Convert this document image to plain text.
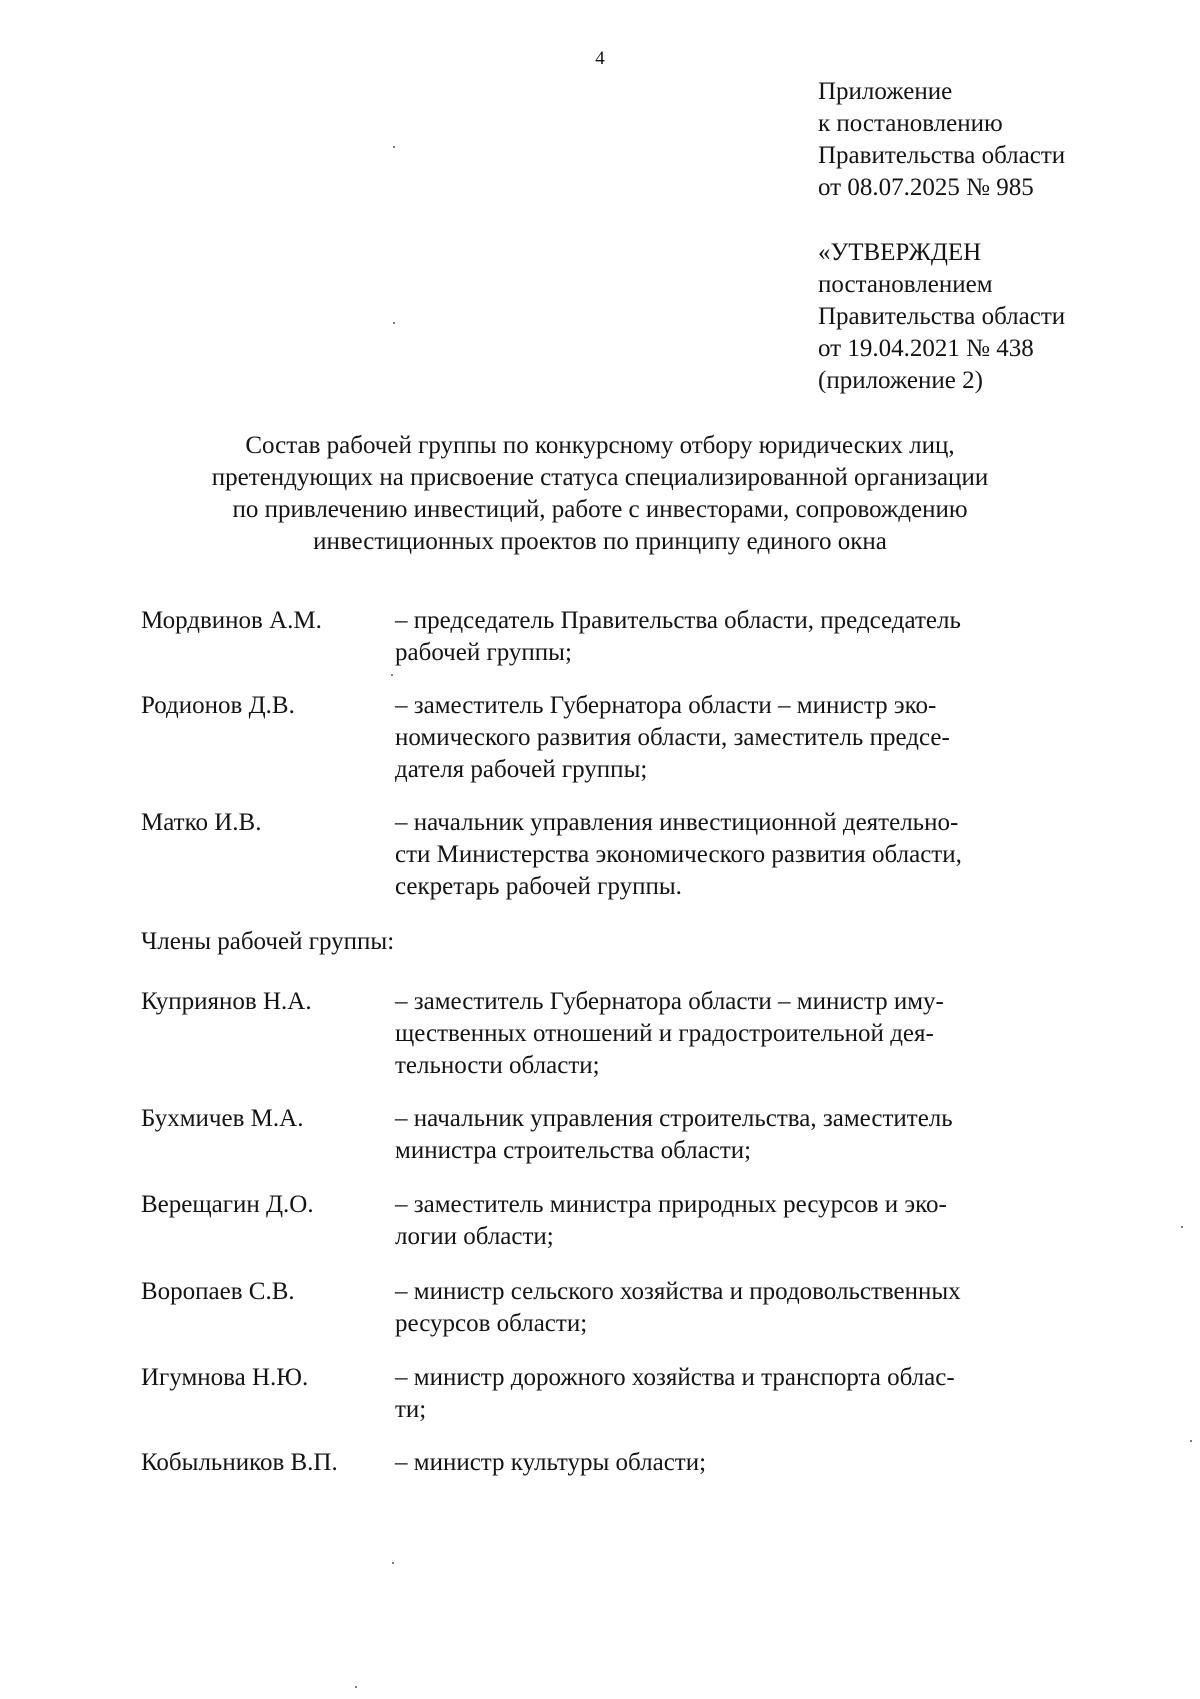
4
Приложение
к постановлению
Правительства области
от 08.07.2025 № 985
«УТВЕРЖДЕН
постановлением
Правительства области
от 19.04.2021 № 438
(приложение 2)
Состав рабочей группы по конкурсному отбору юридических лиц,
претендующих на присвоение статуса специализированной организации
по привлечению инвестиций, работе с инвесторами, сопровождению
инвестиционных проектов по принципу единого окна
Мордвинов А.М.	– председатель Правительства области, председатель
рабочей группы;
Родионов Д.В.	– заместитель Губернатора области – министр эко-
номического развития области, заместитель предсе-
дателя рабочей группы;
Матко И.В.	– начальник управления инвестиционной деятельно-
сти Министерства экономического развития области,
секретарь рабочей группы.
Члены рабочей группы:
Куприянов Н.А.	– заместитель Губернатора области – министр иму-
щественных отношений и градостроительной дея-
тельности области;
Бухмичев М.А.	– начальник управления строительства, заместитель
министра строительства области;
Верещагин Д.О.	– заместитель министра природных ресурсов и эко-
логии области;
Воропаев С.В.	– министр сельского хозяйства и продовольственных
ресурсов области;
Игумнова Н.Ю.	– министр дорожного хозяйства и транспорта облас-
ти;
Кобыльников В.П. – министр культуры области;
